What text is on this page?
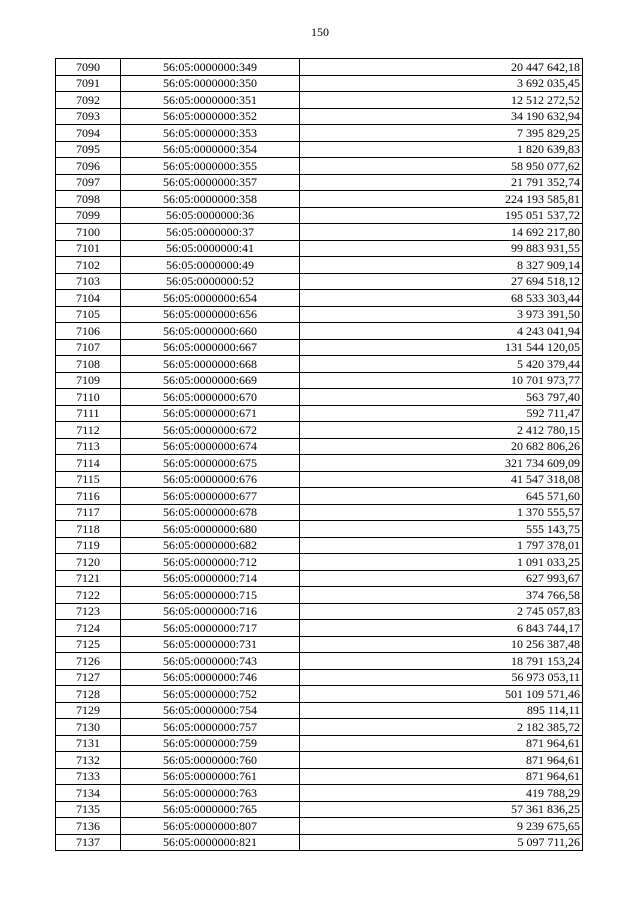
150
7090	56:05:0000000:349	20 447 642,18
7091	56:05:0000000:350	3 692 035,45
7092	56:05:0000000:351	12 512 272,52
7093	56:05:0000000:352	34 190 632,94
7094	56:05:0000000:353	7 395 829,25
7095	56:05:0000000:354	1 820 639,83
7096	56:05:0000000:355	58 950 077,62
7097	56:05:0000000:357	21 791 352,74
7098	56:05:0000000:358	224 193 585,81
7099	56:05:0000000:36	195 051 537,72
7100	56:05:0000000:37	14 692 217,80
7101	56:05:0000000:41	99 883 931,55
7102	56:05:0000000:49	8 327 909,14
7103	56:05:0000000:52	27 694 518,12
7104	56:05:0000000:654	68 533 303,44
7105	56:05:0000000:656	3 973 391,50
7106	56:05:0000000:660	4 243 041,94
7107	56:05:0000000:667	131 544 120,05
7108	56:05:0000000:668	5 420 379,44
7109	56:05:0000000:669	10 701 973,77
7110	56:05:0000000:670	563 797,40
7111	56:05:0000000:671	592 711,47
7112	56:05:0000000:672	2 412 780,15
7113	56:05:0000000:674	20 682 806,26
7114	56:05:0000000:675	321 734 609,09
7115	56:05:0000000:676	41 547 318,08
7116	56:05:0000000:677	645 571,60
7117	56:05:0000000:678	1 370 555,57
7118	56:05:0000000:680	555 143,75
7119	56:05:0000000:682	1 797 378,01
7120	56:05:0000000:712	1 091 033,25
7121	56:05:0000000:714	627 993,67
7122	56:05:0000000:715	374 766,58
7123	56:05:0000000:716	2 745 057,83
7124	56:05:0000000:717	6 843 744,17
7125	56:05:0000000:731	10 256 387,48
7126	56:05:0000000:743	18 791 153,24
7127	56:05:0000000:746	56 973 053,11
7128	56:05:0000000:752	501 109 571,46
7129	56:05:0000000:754	895 114,11
7130	56:05:0000000:757	2 182 385,72
7131	56:05:0000000:759	871 964,61
7132	56:05:0000000:760	871 964,61
7133	56:05:0000000:761	871 964,61
7134	56:05:0000000:763	419 788,29
7135	56:05:0000000:765	57 361 836,25
7136	56:05:0000000:807	9 239 675,65
7137	56:05:0000000:821	5 097 711,26
